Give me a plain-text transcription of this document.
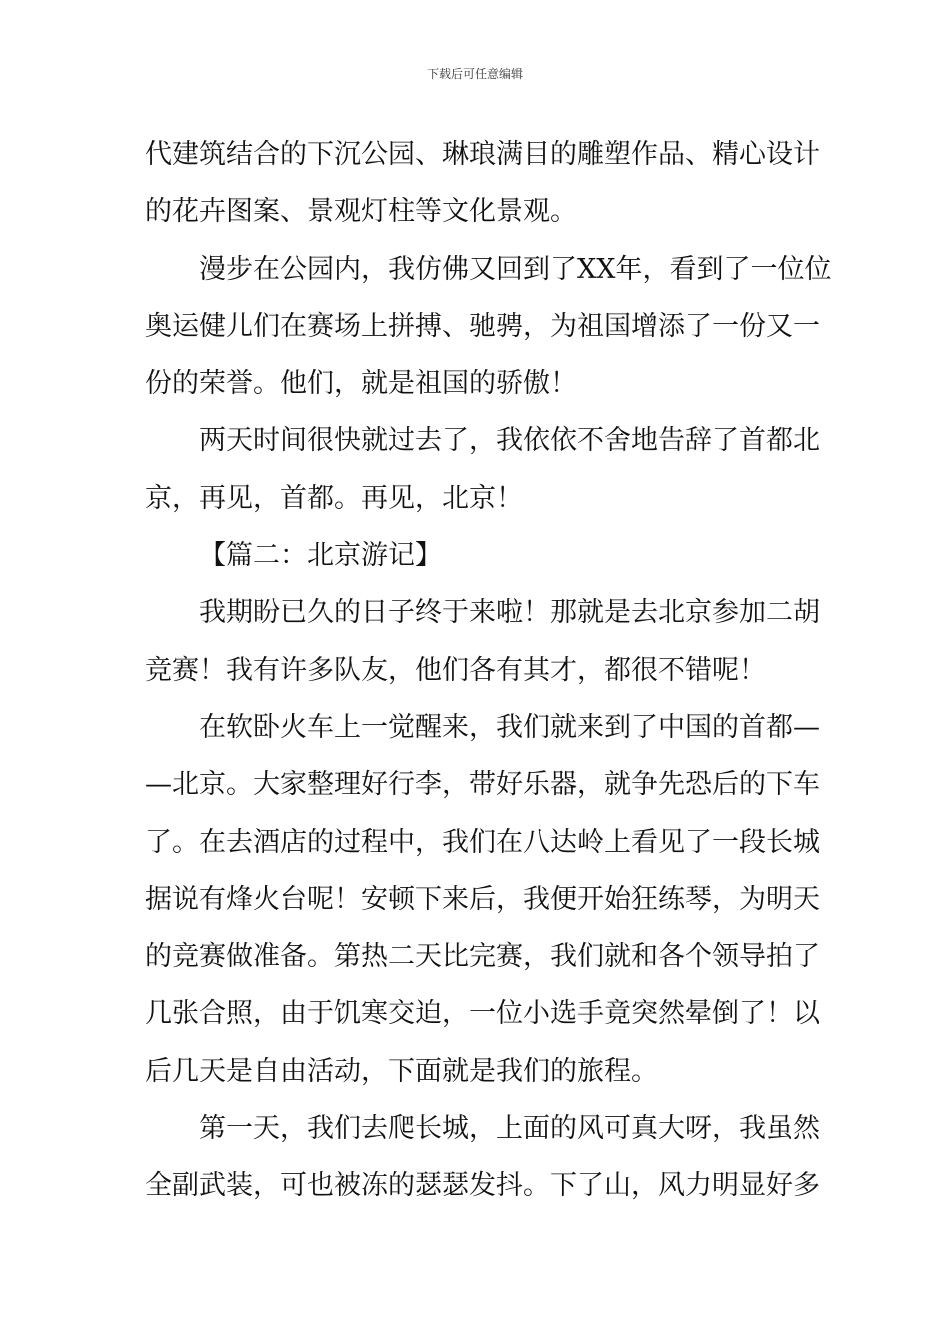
下载后可任意编辑
代建筑结合的下沉公园、琳琅满目的雕塑作品、精心设计
的花卉图案、景观灯柱等文化景观。
漫步在公园内，我仿佛又回到了XX年，看到了一位位
奥运健儿们在赛场上拼搏、驰骋，为祖国增添了一份又一
份的荣誉。他们，就是祖国的骄傲！
两天时间很快就过去了，我依依不舍地告辞了首都北
京，再见，首都。再见，北京！
【篇二：北京游记】
我期盼已久的日子终于来啦！那就是去北京参加二胡
竞赛！我有许多队友，他们各有其才，都很不错呢！
在软卧火车上一觉醒来，我们就来到了中国的首都—
—北京。大家整理好行李，带好乐器，就争先恐后的下车
了。在去酒店的过程中，我们在八达岭上看见了一段长城
据说有烽火台呢！安顿下来后，我便开始狂练琴，为明天
的竞赛做准备。第热二天比完赛，我们就和各个领导拍了
几张合照，由于饥寒交迫，一位小选手竟突然晕倒了！以
后几天是自由活动，下面就是我们的旅程。
第一天，我们去爬长城，上面的风可真大呀，我虽然
全副武装，可也被冻的瑟瑟发抖。下了山，风力明显好多
